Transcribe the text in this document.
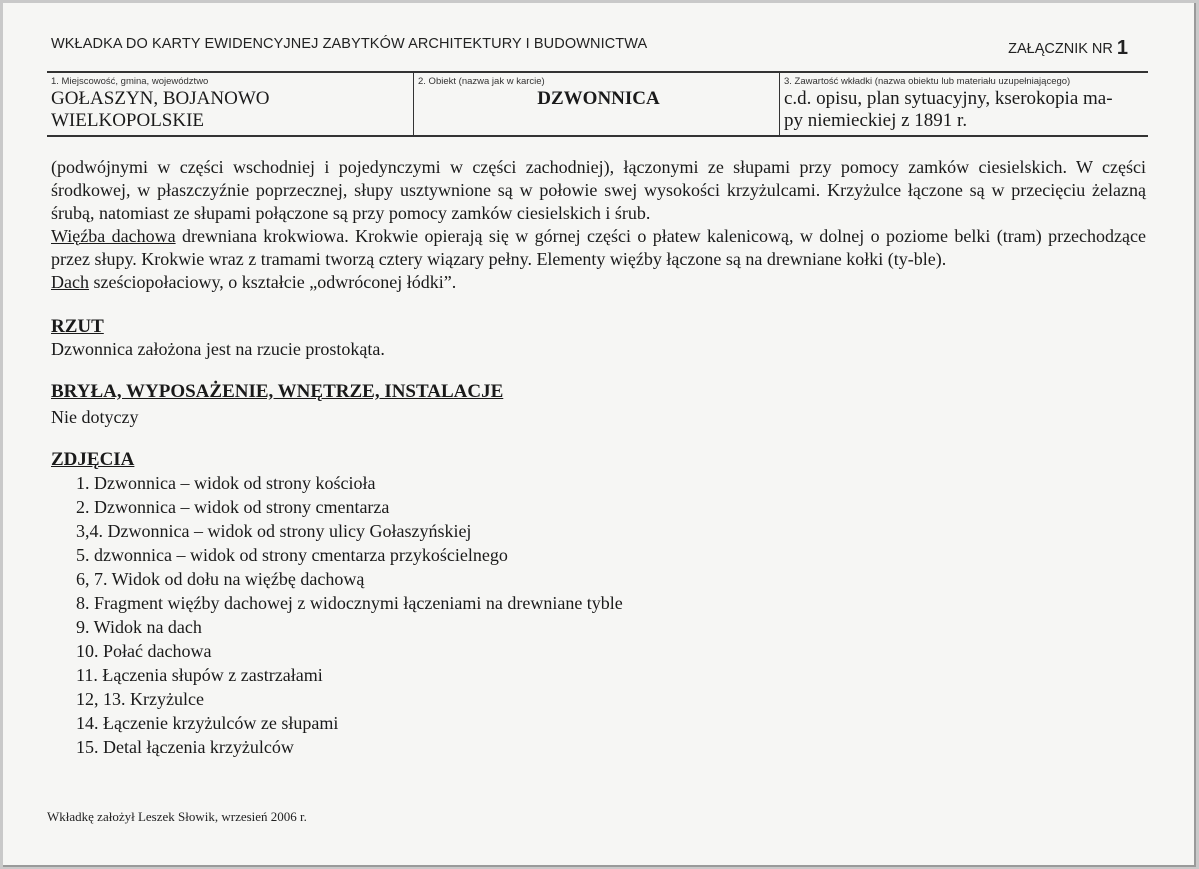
WKŁADKA DO KARTY EWIDENCYJNEJ ZABYTKÓW ARCHITEKTURY I BUDOWNICTWA	ZAŁĄCZNIK NR 1
1. Miejscowość, gmina, województwo
GOŁASZYN, BOJANOWO
WIELKOPOLSKIE
2. Obiekt (nazwa jak w karcie)
DZWONNICA
3. Zawartość wkładki (nazwa obiektu lub materiału uzupełniającego)
c.d. opisu, plan sytuacyjny, kserokopia ma-
py niemieckiej z 1891 r.

(podwójnymi w części wschodniej i pojedynczymi w części zachodniej), łączonymi ze słupami przy pomocy zamków ciesielskich. W części środkowej, w płaszczyźnie poprzecznej, słupy usztywnione są w połowie swej wysokości krzyżulcami. Krzyżulce łączone są w przecięciu żelazną śrubą, natomiast ze słupami połączone są przy pomocy zamków ciesielskich i śrub.

Więźba dachowa drewniana krokwiowa. Krokwie opierają się w górnej części o płatew kalenicową, w dolnej o poziome belki (tram) przechodzące przez słupy. Krokwie wraz z tramami tworzą cztery wiązary pełny. Elementy więźby łączone są na drewniane kołki (ty-ble).

Dach sześciopołaciowy, o kształcie „odwróconej łódki”.

RZUT

Dzwonnica założona jest na rzucie prostokąta.

BRYŁA, WYPOSAŻENIE, WNĘTRZE, INSTALACJE

Nie dotyczy

ZDJĘCIA

1. Dzwonnica – widok od strony kościoła
2. Dzwonnica – widok od strony cmentarza
3,4. Dzwonnica – widok od strony ulicy Gołaszyńskiej
5. dzwonnica – widok od strony cmentarza przykościelnego
6, 7. Widok od dołu na więźbę dachową
8. Fragment więźby dachowej z widocznymi łączeniami na drewniane tyble
9. Widok na dach
10. Połać dachowa
11. Łączenia słupów z zastrzałami
12, 13. Krzyżulce
14. Łączenie krzyżulców ze słupami
15. Detal łączenia krzyżulców
Wkładkę założył Leszek Słowik, wrzesień 2006 r.
